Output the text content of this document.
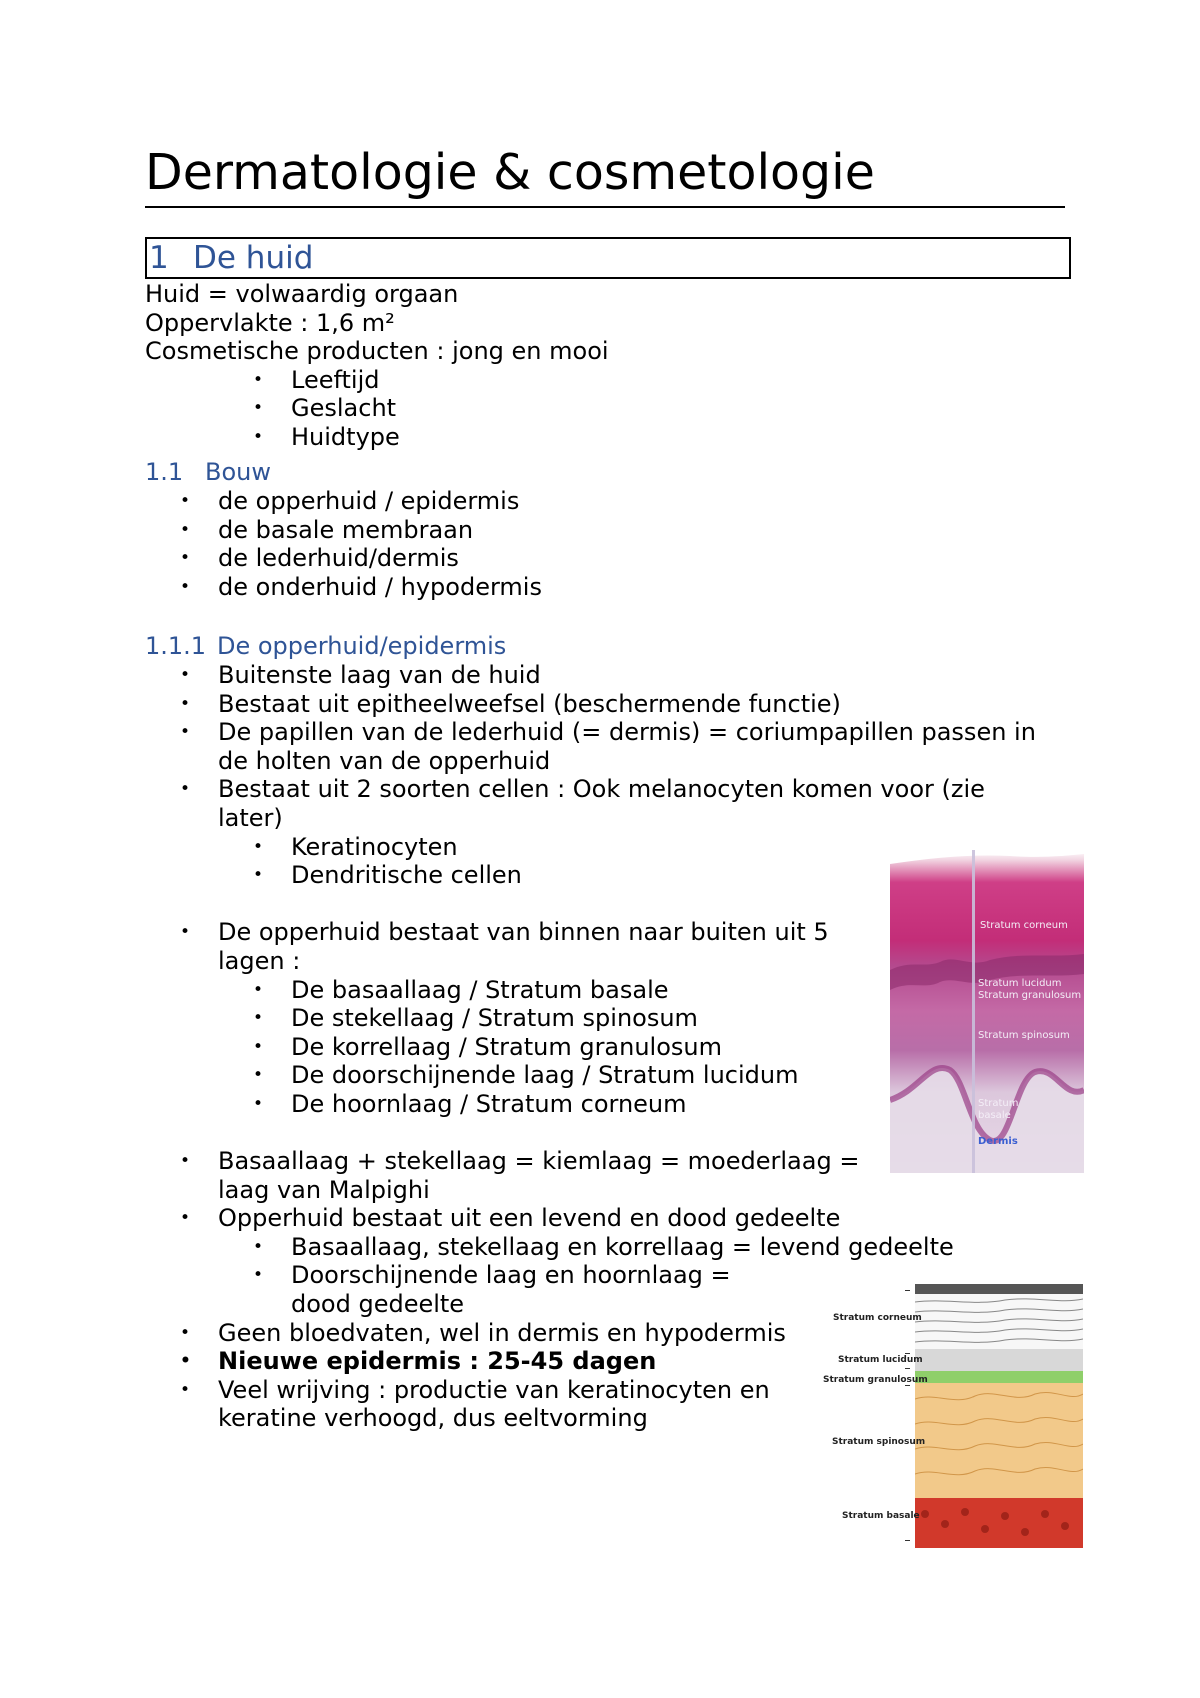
Dermatologie & cosmetologie
1 De huid
Huid = volwaardig orgaan
Oppervlakte : 1,6 m²
Cosmetische producten : jong en mooi
• Leeftijd
• Geslacht
• Huidtype
1.1 Bouw
• de opperhuid / epidermis
• de basale membraan
• de lederhuid/dermis
• de onderhuid / hypodermis
1.1.1 De opperhuid/epidermis
• Buitenste laag van de huid
• Bestaat uit epitheelweefsel (beschermende functie)
• De papillen van de lederhuid (= dermis) = coriumpapillen passen in
de holten van de opperhuid
• Bestaat uit 2 soorten cellen : Ook melanocyten komen voor (zie
later)
• Keratinocyten
• Dendritische cellen

• De opperhuid bestaat van binnen naar buiten uit 5
lagen :
• De basaallaag / Stratum basale
• De stekellaag / Stratum spinosum
• De korrellaag / Stratum granulosum
• De doorschijnende laag / Stratum lucidum
• De hoornlaag / Stratum corneum

• Basaallaag + stekellaag = kiemlaag = moederlaag =
laag van Malpighi
• Opperhuid bestaat uit een levend en dood gedeelte
• Basaallaag, stekellaag en korrellaag = levend gedeelte
• Doorschijnende laag en hoornlaag =
dood gedeelte
• Geen bloedvaten, wel in dermis en hypodermis
• Nieuwe epidermis : 25-45 dagen
• Veel wrijving : productie van keratinocyten en
keratine verhoogd, dus eeltvorming
Stratum corneum
Stratum lucidum
Stratum granulosum
Stratum spinosum
Stratum
basale
Dermis
Stratum corneum
Stratum lucidum
Stratum granulosum
Stratum spinosum
Stratum basale
